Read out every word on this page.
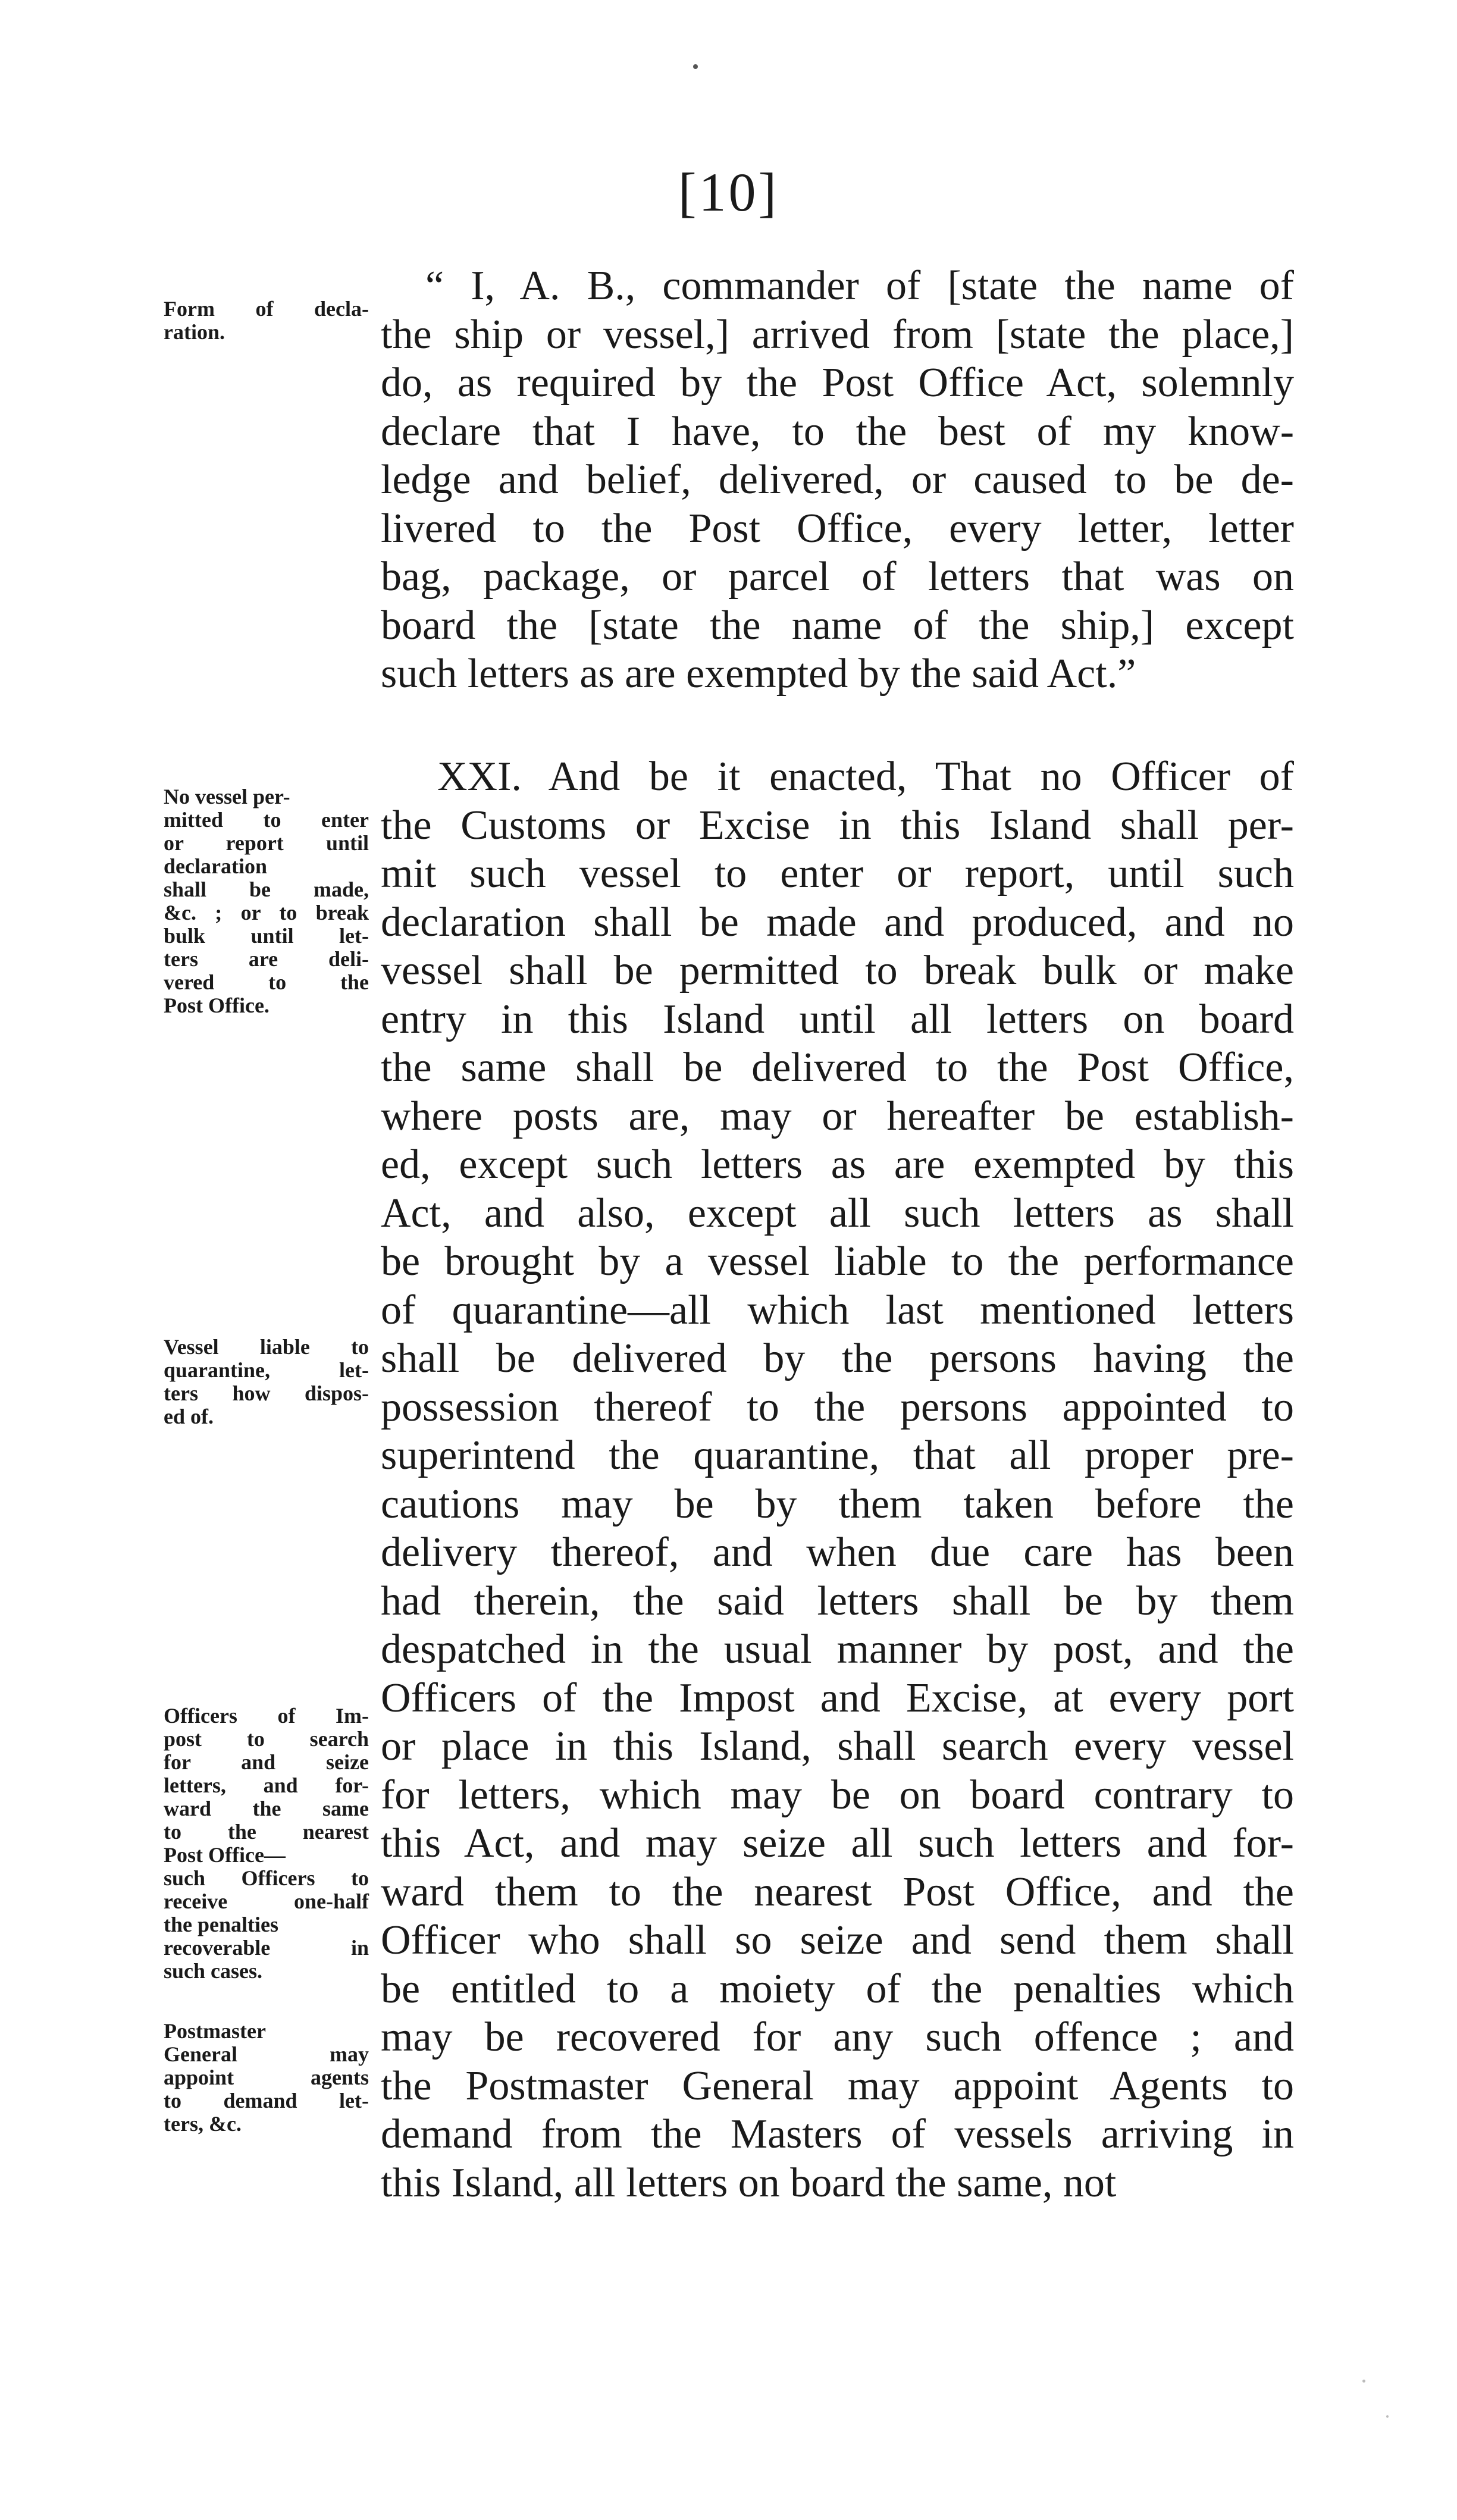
[10]
“ I, A. B., commander of [state the name of
the ship or vessel,] arrived from [state the place,]
do, as required by the Post Office Act, solemnly
declare that I have, to the best of my know-
ledge and belief, delivered, or caused to be de-
livered to the Post Office, every letter, letter
bag, package, or parcel of letters that was on
board the [state the name of the ship,] except
such letters as are exempted by the said Act.”
XXI. And be it enacted, That no Officer of
the Customs or Excise in this Island shall per-
mit such vessel to enter or report, until such
declaration shall be made and produced, and no
vessel shall be permitted to break bulk or make
entry in this Island until all letters on board
the same shall be delivered to the Post Office,
where posts are, may or hereafter be establish-
ed, except such letters as are exempted by this
Act, and also, except all such letters as shall
be brought by a vessel liable to the performance
of quarantine—all which last mentioned letters
shall be delivered by the persons having the
possession thereof to the persons appointed to
superintend the quarantine, that all proper pre-
cautions may be by them taken before the
delivery thereof, and when due care has been
had therein, the said letters shall be by them
despatched in the usual manner by post, and the
Officers of the Impost and Excise, at every port
or place in this Island, shall search every vessel
for letters, which may be on board contrary to
this Act, and may seize all such letters and for-
ward them to the nearest Post Office, and the
Officer who shall so seize and send them shall
be entitled to a moiety of the penalties which
may be recovered for any such offence ; and
the Postmaster General may appoint Agents to
demand from the Masters of vessels arriving in
this Island, all letters on board the same, not
Form of decla-
ration.
No vessel per-
mitted to enter
or report until
declaration
shall be made,
&c. ; or to break
bulk until let-
ters are deli-
vered to the
Post Office.
Vessel liable to
quarantine, let-
ters how dispos-
ed of.
Officers of Im-
post to search
for and seize
letters, and for-
ward the same
to the nearest
Post Office—
such Officers to
receive one-half
the penalties
recoverable in
such cases.
Postmaster
General may
appoint agents
to demand let-
ters, &c.
